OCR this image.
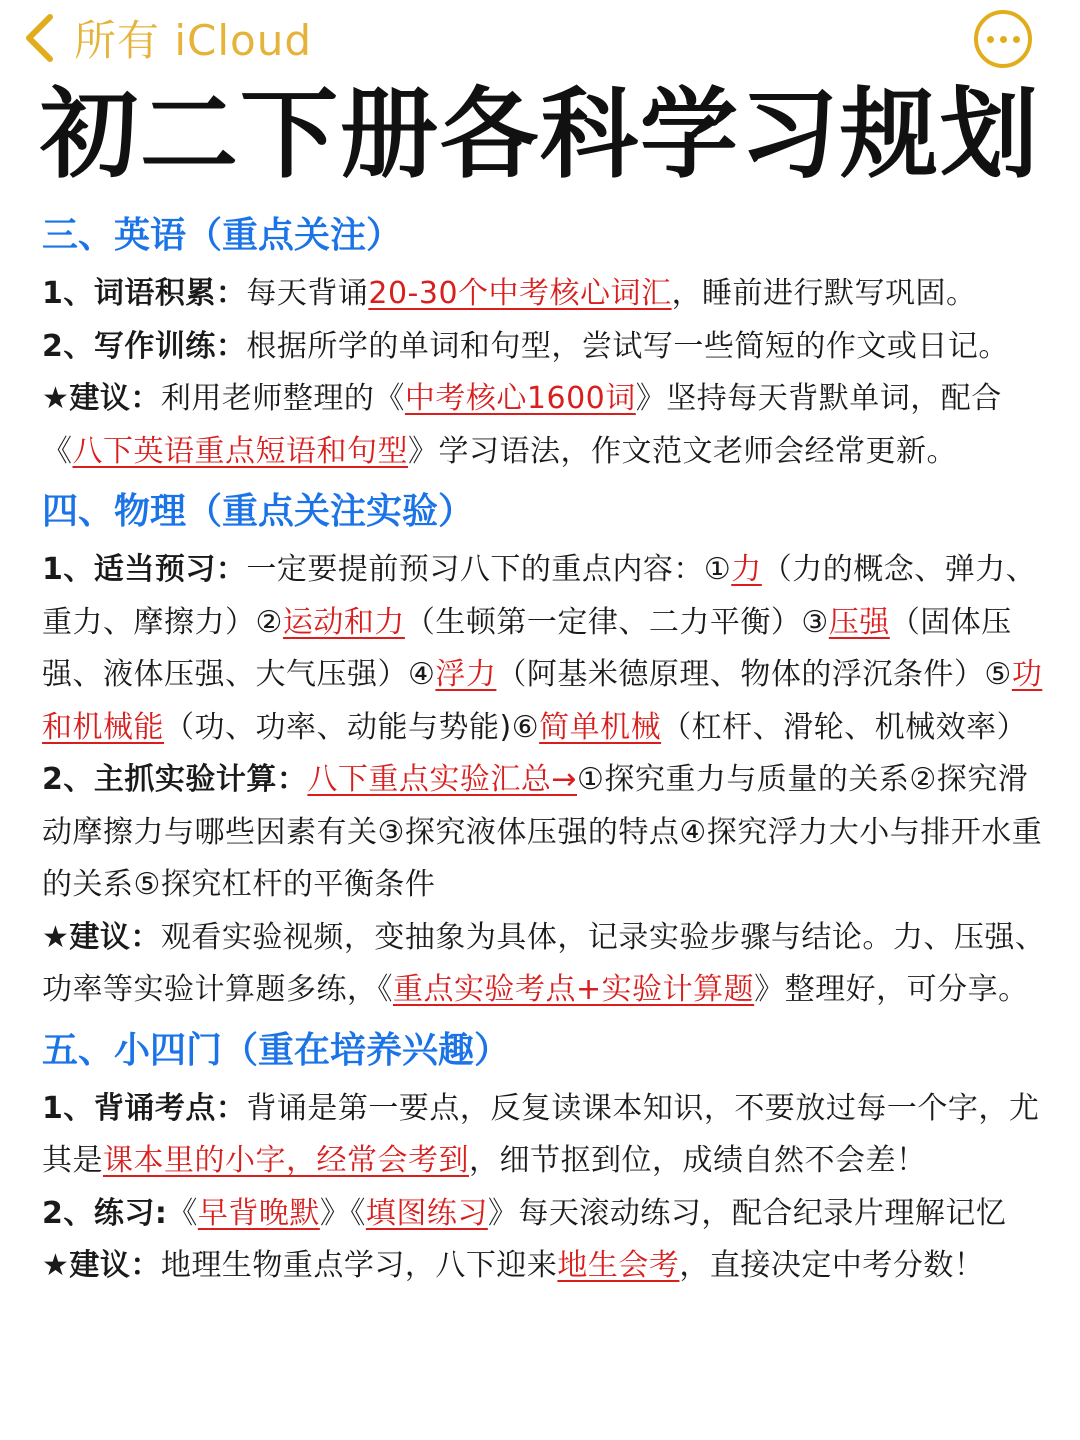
所有 iCloud
初二下册各科学习规划
三、英语（重点关注）

1、词语积累：每天背诵20-30个中考核心词汇，睡前进行默写巩固。

2、写作训练：根据所学的单词和句型，尝试写一些简短的作文或日记。

★建议：利用老师整理的《中考核心1600词》坚持每天背默单词，配合《八下英语重点短语和句型》学习语法，作文范文老师会经常更新。

四、物理（重点关注实验）

1、适当预习：一定要提前预习八下的重点内容：①力（力的概念、弹力、重力、摩擦力）②运动和力（生顿第一定律、二力平衡）③压强（固体压强、液体压强、大气压强）④浮力（阿基米德原理、物体的浮沉条件）⑤功和机械能（功、功率、动能与势能)⑥简单机械（杠杆、滑轮、机械效率）

2、主抓实验计算：八下重点实验汇总→①探究重力与质量的关系②探究滑动摩擦力与哪些因素有关③探究液体压强的特点④探究浮力大小与排开水重的关系⑤探究杠杆的平衡条件

★建议：观看实验视频，变抽象为具体，记录实验步骤与结论。力、压强、功率等实验计算题多练，《重点实验考点+实验计算题》整理好，可分享。

五、小四门（重在培养兴趣）

1、背诵考点：背诵是第一要点，反复读课本知识，不要放过每一个字，尤其是课本里的小字，经常会考到，细节抠到位，成绩自然不会差！

2、练习:《早背晚默》《填图练习》每天滚动练习，配合纪录片理解记忆

★建议：地理生物重点学习，八下迎来地生会考，直接决定中考分数！
